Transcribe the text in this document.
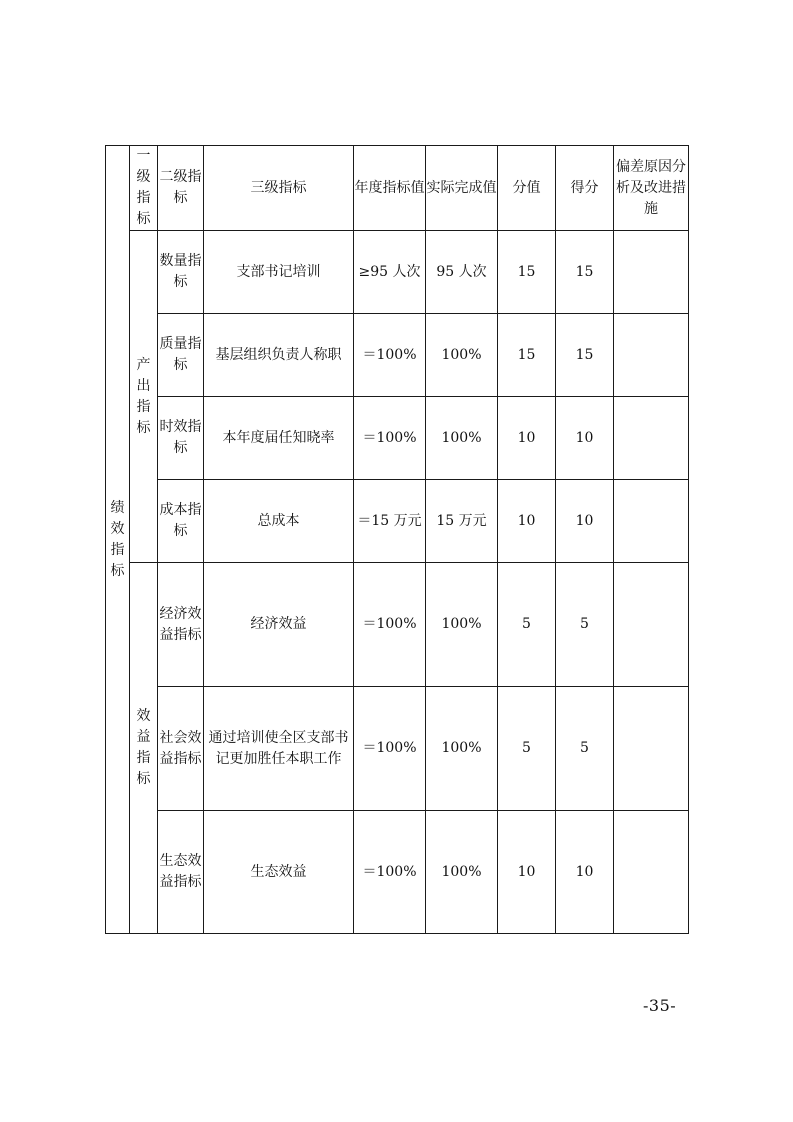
绩效指标	一级指标	二级指标	三级指标	年度指标值	实际完成值	分值	得分	偏差原因分析及改进措施
	产出指标	数量指标	支部书记培训	≥95 人次	95 人次	15	15	
		质量指标	基层组织负责人称职	＝100%	100%	15	15	
		时效指标	本年度届任知晓率	＝100%	100%	10	10	
		成本指标	总成本	＝15 万元	15 万元	10	10	
	效益指标	经济效益指标	经济效益	＝100%	100%	5	5	
		社会效益指标	通过培训使全区支部书记更加胜任本职工作	＝100%	100%	5	5	
		生态效益指标	生态效益	＝100%	100%	10	10	
-35-
